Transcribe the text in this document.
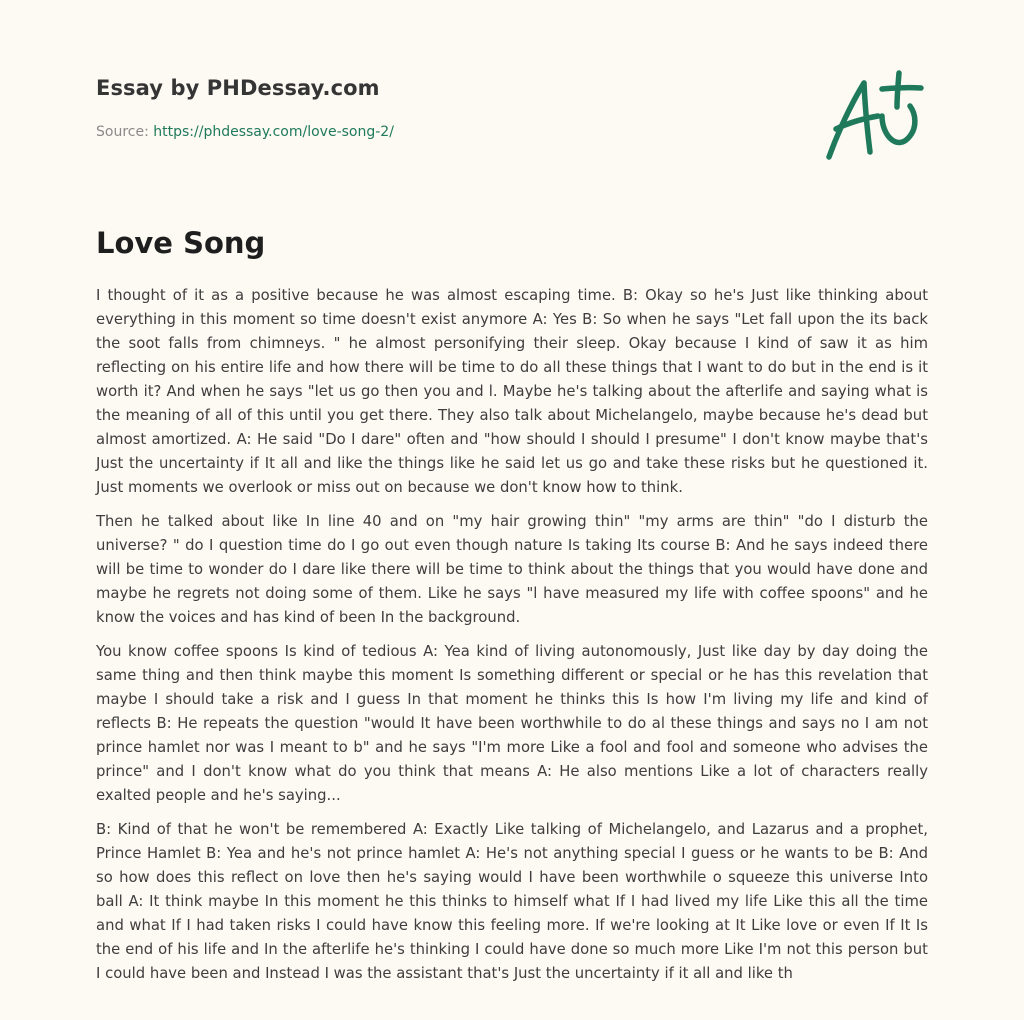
Essay by PHDessay.com
Source: https://phdessay.com/love-song-2/
Love Song

I thought of it as a positive because he was almost escaping time. B: Okay so he's Just like thinking about everything in this moment so time doesn't exist anymore A: Yes B: So when he says "Let fall upon the its back the soot falls from chimneys. " he almost personifying their sleep. Okay because I kind of saw it as him reflecting on his entire life and how there will be time to do all these things that I want to do but in the end is it worth it? And when he says "let us go then you and l. Maybe he's talking about the afterlife and saying what is the meaning of all of this until you get there. They also talk about Michelangelo, maybe because he's dead but almost amortized. A: He said "Do I dare" often and "how should I should I presume" I don't know maybe that's Just the uncertainty if It all and like the things like he said let us go and take these risks but he questioned it. Just moments we overlook or miss out on because we don't know how to think.

Then he talked about like In line 40 and on "my hair growing thin" "my arms are thin" "do I disturb the universe? " do I question time do I go out even though nature Is taking Its course B: And he says indeed there will be time to wonder do I dare like there will be time to think about the things that you would have done and maybe he regrets not doing some of them. Like he says "l have measured my life with coffee spoons" and he know the voices and has kind of been In the background.

You know coffee spoons Is kind of tedious A: Yea kind of living autonomously, Just like day by day doing the same thing and then think maybe this moment Is something different or special or he has this revelation that maybe I should take a risk and I guess In that moment he thinks this Is how I'm living my life and kind of reflects B: He repeats the question "would It have been worthwhile to do al these things and says no I am not prince hamlet nor was I meant to b" and he says "I'm more Like a fool and fool and someone who advises the prince" and I don't know what do you think that means A: He also mentions Like a lot of characters really exalted people and he's saying...

B: Kind of that he won't be remembered A: Exactly Like talking of Michelangelo, and Lazarus and a prophet, Prince Hamlet B: Yea and he's not prince hamlet A: He's not anything special I guess or he wants to be B: And so how does this reflect on love then he's saying would I have been worthwhile o squeeze this universe Into ball A: It think maybe In this moment he this thinks to himself what If I had lived my life Like this all the time and what If I had taken risks I could have know this feeling more. If we're looking at It Like love or even If It Is the end of his life and In the afterlife he's thinking I could have done so much more Like I'm not this person but I could have been and Instead I was the assistant that's Just the uncertainty if it all and like th
